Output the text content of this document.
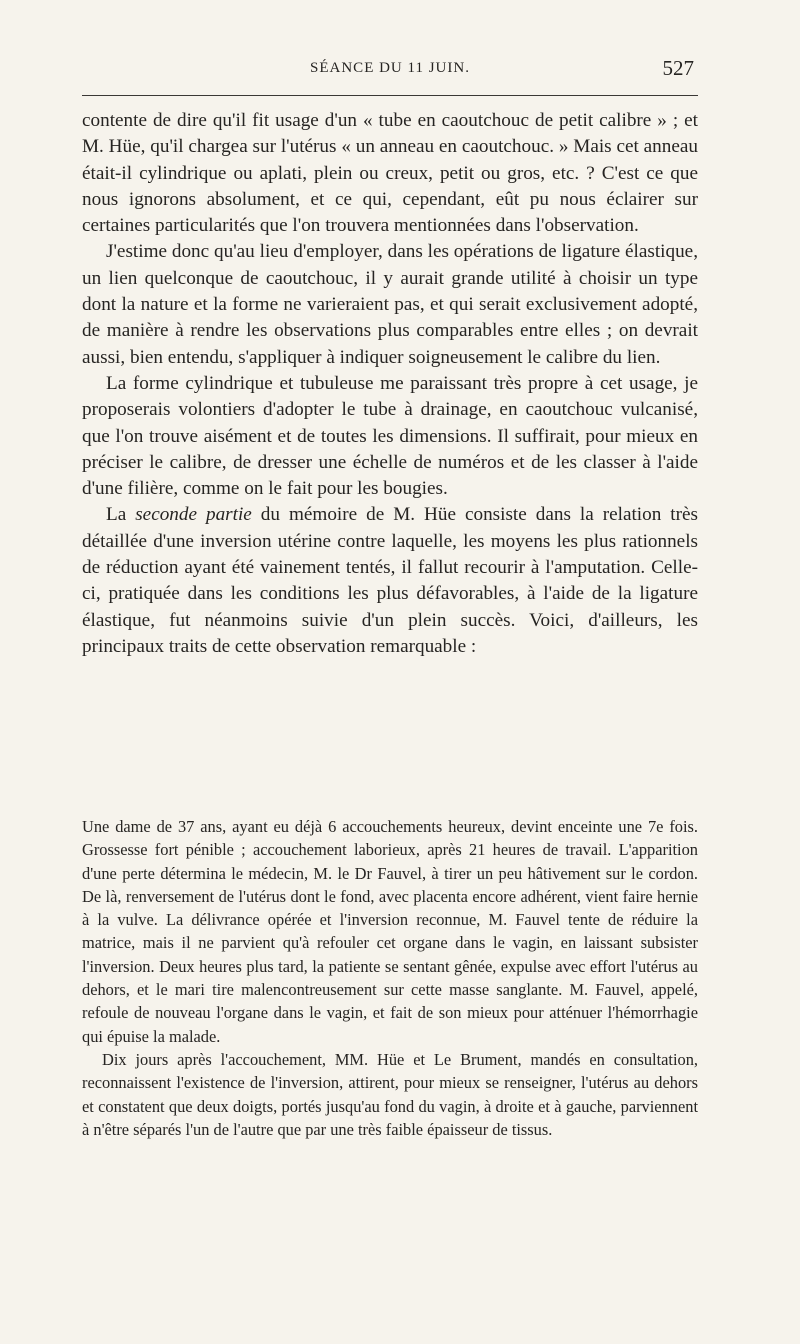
SÉANCE DU 11 JUIN.	527

contente de dire qu'il fit usage d'un « tube en caoutchouc de petit calibre » ; et M. Hüe, qu'il chargea sur l'utérus « un anneau en caoutchouc. » Mais cet anneau était-il cylindrique ou aplati, plein ou creux, petit ou gros, etc. ? C'est ce que nous ignorons absolument, et ce qui, cependant, eût pu nous éclairer sur certaines particularités que l'on trouvera mentionnées dans l'observation.

J'estime donc qu'au lieu d'employer, dans les opérations de ligature élastique, un lien quelconque de caoutchouc, il y aurait grande utilité à choisir un type dont la nature et la forme ne varieraient pas, et qui serait exclusivement adopté, de manière à rendre les observations plus comparables entre elles ; on devrait aussi, bien entendu, s'appliquer à indiquer soigneusement le calibre du lien.

La forme cylindrique et tubuleuse me paraissant très propre à cet usage, je proposerais volontiers d'adopter le tube à drainage, en caoutchouc vulcanisé, que l'on trouve aisément et de toutes les dimensions. Il suffirait, pour mieux en préciser le calibre, de dresser une échelle de numéros et de les classer à l'aide d'une filière, comme on le fait pour les bougies.

La seconde partie du mémoire de M. Hüe consiste dans la relation très détaillée d'une inversion utérine contre laquelle, les moyens les plus rationnels de réduction ayant été vainement tentés, il fallut recourir à l'amputation. Celle-ci, pratiquée dans les conditions les plus défavorables, à l'aide de la ligature élastique, fut néanmoins suivie d'un plein succès. Voici, d'ailleurs, les principaux traits de cette observation remarquable :

Une dame de 37 ans, ayant eu déjà 6 accouchements heureux, devint enceinte une 7e fois. Grossesse fort pénible ; accouchement laborieux, après 21 heures de travail. L'apparition d'une perte détermina le médecin, M. le Dr Fauvel, à tirer un peu hâtivement sur le cordon. De là, renversement de l'utérus dont le fond, avec placenta encore adhérent, vient faire hernie à la vulve. La délivrance opérée et l'inversion reconnue, M. Fauvel tente de réduire la matrice, mais il ne parvient qu'à refouler cet organe dans le vagin, en laissant subsister l'inversion. Deux heures plus tard, la patiente se sentant gênée, expulse avec effort l'utérus au dehors, et le mari tire malencontreusement sur cette masse sanglante. M. Fauvel, appelé, refoule de nouveau l'organe dans le vagin, et fait de son mieux pour atténuer l'hémorrhagie qui épuise la malade.

Dix jours après l'accouchement, MM. Hüe et Le Brument, mandés en consultation, reconnaissent l'existence de l'inversion, attirent, pour mieux se renseigner, l'utérus au dehors et constatent que deux doigts, portés jusqu'au fond du vagin, à droite et à gauche, parviennent à n'être séparés l'un de l'autre que par une très faible épaisseur de tissus.
